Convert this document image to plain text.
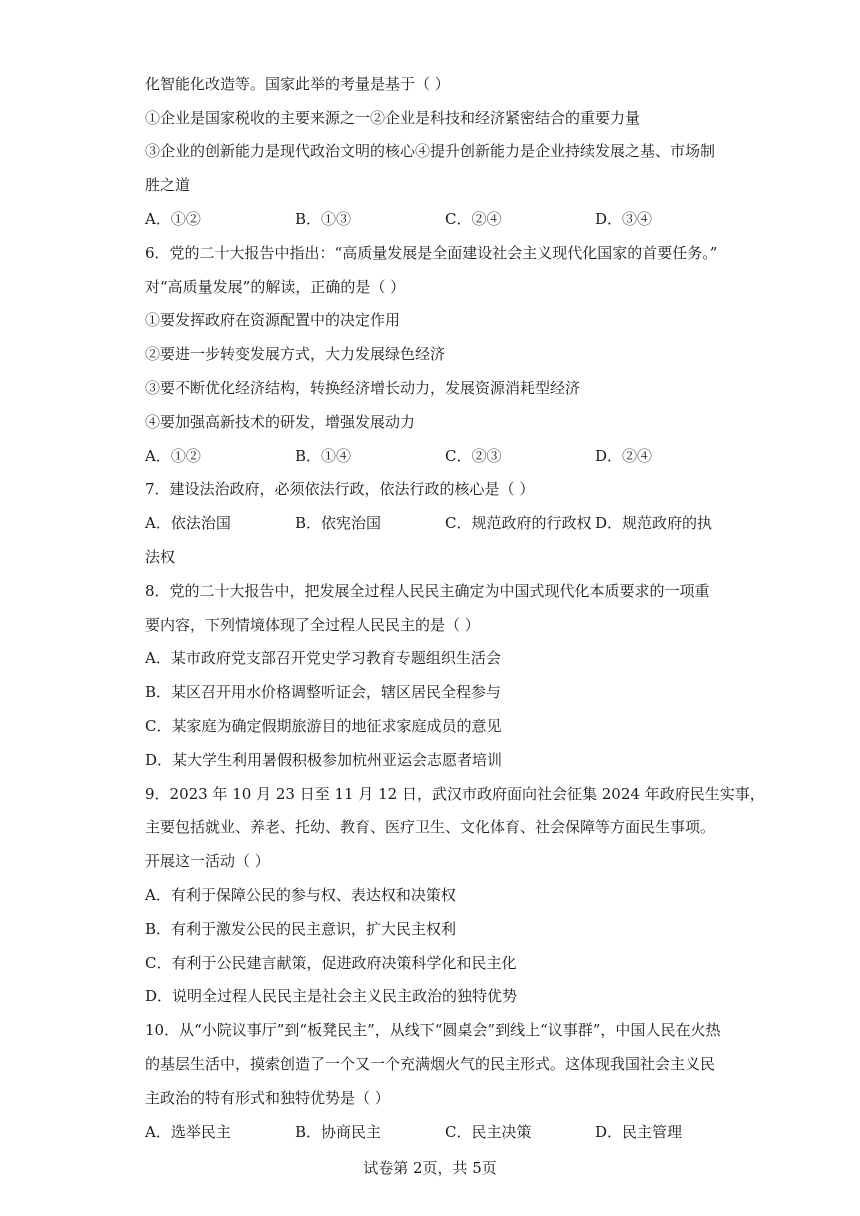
化智能化改造等。国家此举的考量是基于（ ）
①企业是国家税收的主要来源之一②企业是科技和经济紧密结合的重要力量
③企业的创新能力是现代政治文明的核心④提升创新能力是企业持续发展之基、市场制
胜之道
A．①②	B．①③	C．②④	D．③④
6．党的二十大报告中指出：“高质量发展是全面建设社会主义现代化国家的首要任务。”
对“高质量发展”的解读，正确的是（ ）
①要发挥政府在资源配置中的决定作用
②要进一步转变发展方式，大力发展绿色经济
③要不断优化经济结构，转换经济增长动力，发展资源消耗型经济
④要加强高新技术的研发，增强发展动力
A．①②	B．①④	C．②③	D．②④
7．建设法治政府，必须依法行政，依法行政的核心是（ ）
A．依法治国	B．依宪治国	C．规范政府的行政权 D．规范政府的执
法权
8．党的二十大报告中，把发展全过程人民民主确定为中国式现代化本质要求的一项重
要内容，下列情境体现了全过程人民民主的是（ ）
A．某市政府党支部召开党史学习教育专题组织生活会
B．某区召开用水价格调整听证会，辖区居民全程参与
C．某家庭为确定假期旅游目的地征求家庭成员的意见
D．某大学生利用暑假积极参加杭州亚运会志愿者培训
9．2023 年 10 月 23 日至 11 月 12 日，武汉市政府面向社会征集 2024 年政府民生实事，
主要包括就业、养老、托幼、教育、医疗卫生、文化体育、社会保障等方面民生事项。
开展这一活动（ ）
A．有利于保障公民的参与权、表达权和决策权
B．有利于激发公民的民主意识，扩大民主权利
C．有利于公民建言献策，促进政府决策科学化和民主化
D．说明全过程人民民主是社会主义民主政治的独特优势
10．从“小院议事厅”到“板凳民主”，从线下“圆桌会”到线上“议事群”，中国人民在火热
的基层生活中，摸索创造了一个又一个充满烟火气的民主形式。这体现我国社会主义民
主政治的特有形式和独特优势是（ ）
A．选举民主	B．协商民主	C．民主决策	D．民主管理
试卷第 2页，共 5页
